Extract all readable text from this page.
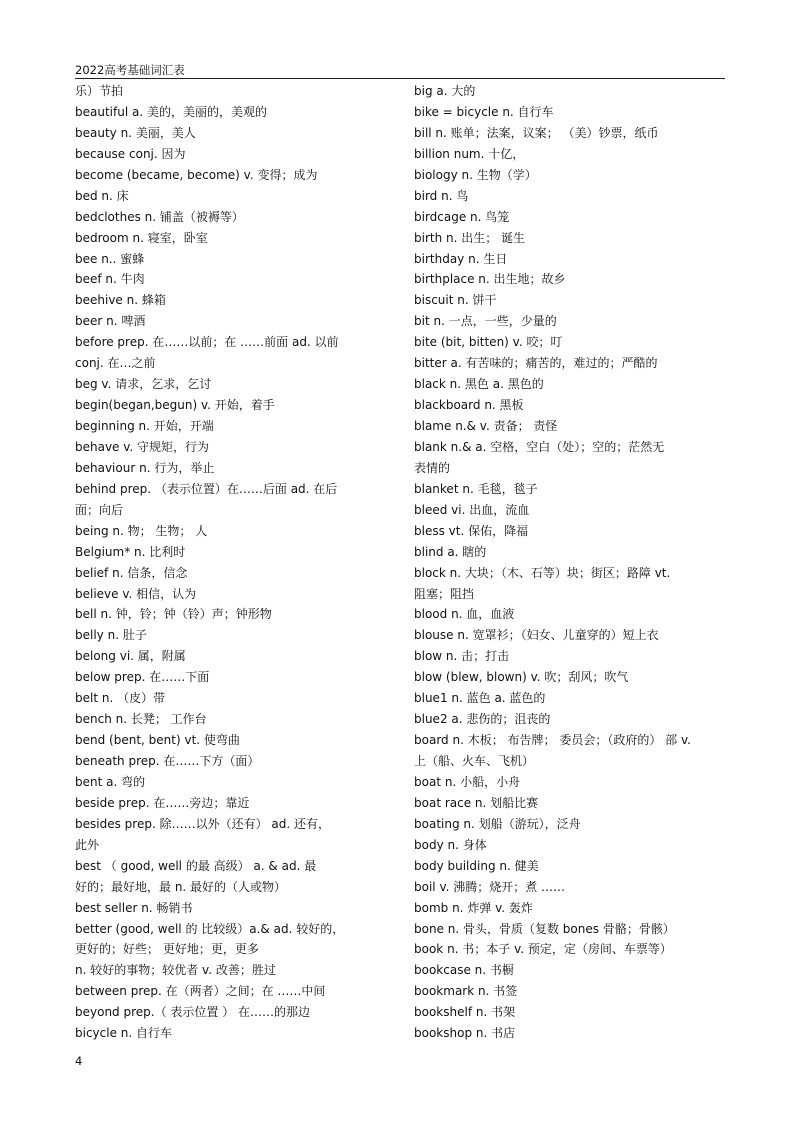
2022高考基础词汇表
乐）节拍
beautiful a. 美的，美丽的，美观的
beauty n. 美丽，美人
because conj. 因为
become (became, become) v. 变得；成为
bed n. 床
bedclothes n. 铺盖（被褥等）
bedroom n. 寝室，卧室
bee n.. 蜜蜂
beef n. 牛肉
beehive n. 蜂箱
beer n. 啤酒
before prep. 在……以前；在 ……前面 ad. 以前
conj. 在…之前
beg v. 请求，乞求，乞讨
begin(began,begun) v. 开始，着手
beginning n. 开始，开端
behave v. 守规矩，行为
behaviour n. 行为，举止
behind prep. （表示位置）在……后面 ad. 在后
面；向后
being n. 物； 生物； 人
Belgium* n. 比利时
belief n. 信条，信念
believe v. 相信，认为
bell n. 钟，铃；钟（铃）声；钟形物
belly n. 肚子
belong vi. 属，附属
below prep. 在……下面
belt n. （皮）带
bench n. 长凳； 工作台
bend (bent, bent) vt. 使弯曲
beneath prep. 在……下方（面）
bent a. 弯的
beside prep. 在……旁边；靠近
besides prep. 除……以外（还有） ad. 还有，
此外
best （ good, well 的最 高级） a. & ad. 最
好的；最好地，最 n. 最好的（人或物）
best seller n. 畅销书
better (good, well 的 比较级）a.& ad. 较好的，
更好的；好些； 更好地；更，更多
n. 较好的事物；较优者 v. 改善；胜过
between prep. 在（两者）之间；在 ……中间
beyond prep.（ 表示位置 ） 在……的那边
bicycle n. 自行车
big a. 大的
bike = bicycle n. 自行车
bill n. 账单；法案，议案； （美）钞票，纸币
billion num. 十亿，
biology n. 生物（学）
bird n. 鸟
birdcage n. 鸟笼
birth n. 出生； 诞生
birthday n. 生日
birthplace n. 出生地；故乡
biscuit n. 饼干
bit n. 一点，一些，少量的
bite (bit, bitten) v. 咬；叮
bitter a. 有苦味的；痛苦的，难过的；严酷的
black n. 黑色 a. 黑色的
blackboard n. 黑板
blame n.& v. 责备； 责怪
blank n.& a. 空格，空白（处）；空的；茫然无
表情的
blanket n. 毛毯，毯子
bleed vi. 出血，流血
bless vt. 保佑，降福
blind a. 瞎的
block n. 大块；（木、石等）块；街区；路障 vt.
阻塞；阻挡
blood n. 血，血液
blouse n. 宽罩衫；（妇女、儿童穿的）短上衣
blow n. 击；打击
blow (blew, blown) v. 吹；刮风；吹气
blue1 n. 蓝色 a. 蓝色的
blue2 a. 悲伤的；沮丧的
board n. 木板； 布告牌； 委员会；（政府的） 部 v.
上（船、火车、飞机）
boat n. 小船，小舟
boat race n. 划船比赛
boating n. 划船（游玩），泛舟
body n. 身体
body building n. 健美
boil v. 沸腾；烧开；煮 ……
bomb n. 炸弹 v. 轰炸
bone n. 骨头，骨质（复数 bones 骨骼；骨骸）
book n. 书；本子 v. 预定，定（房间、车票等）
bookcase n. 书橱
bookmark n. 书签
bookshelf n. 书架
bookshop n. 书店
4
